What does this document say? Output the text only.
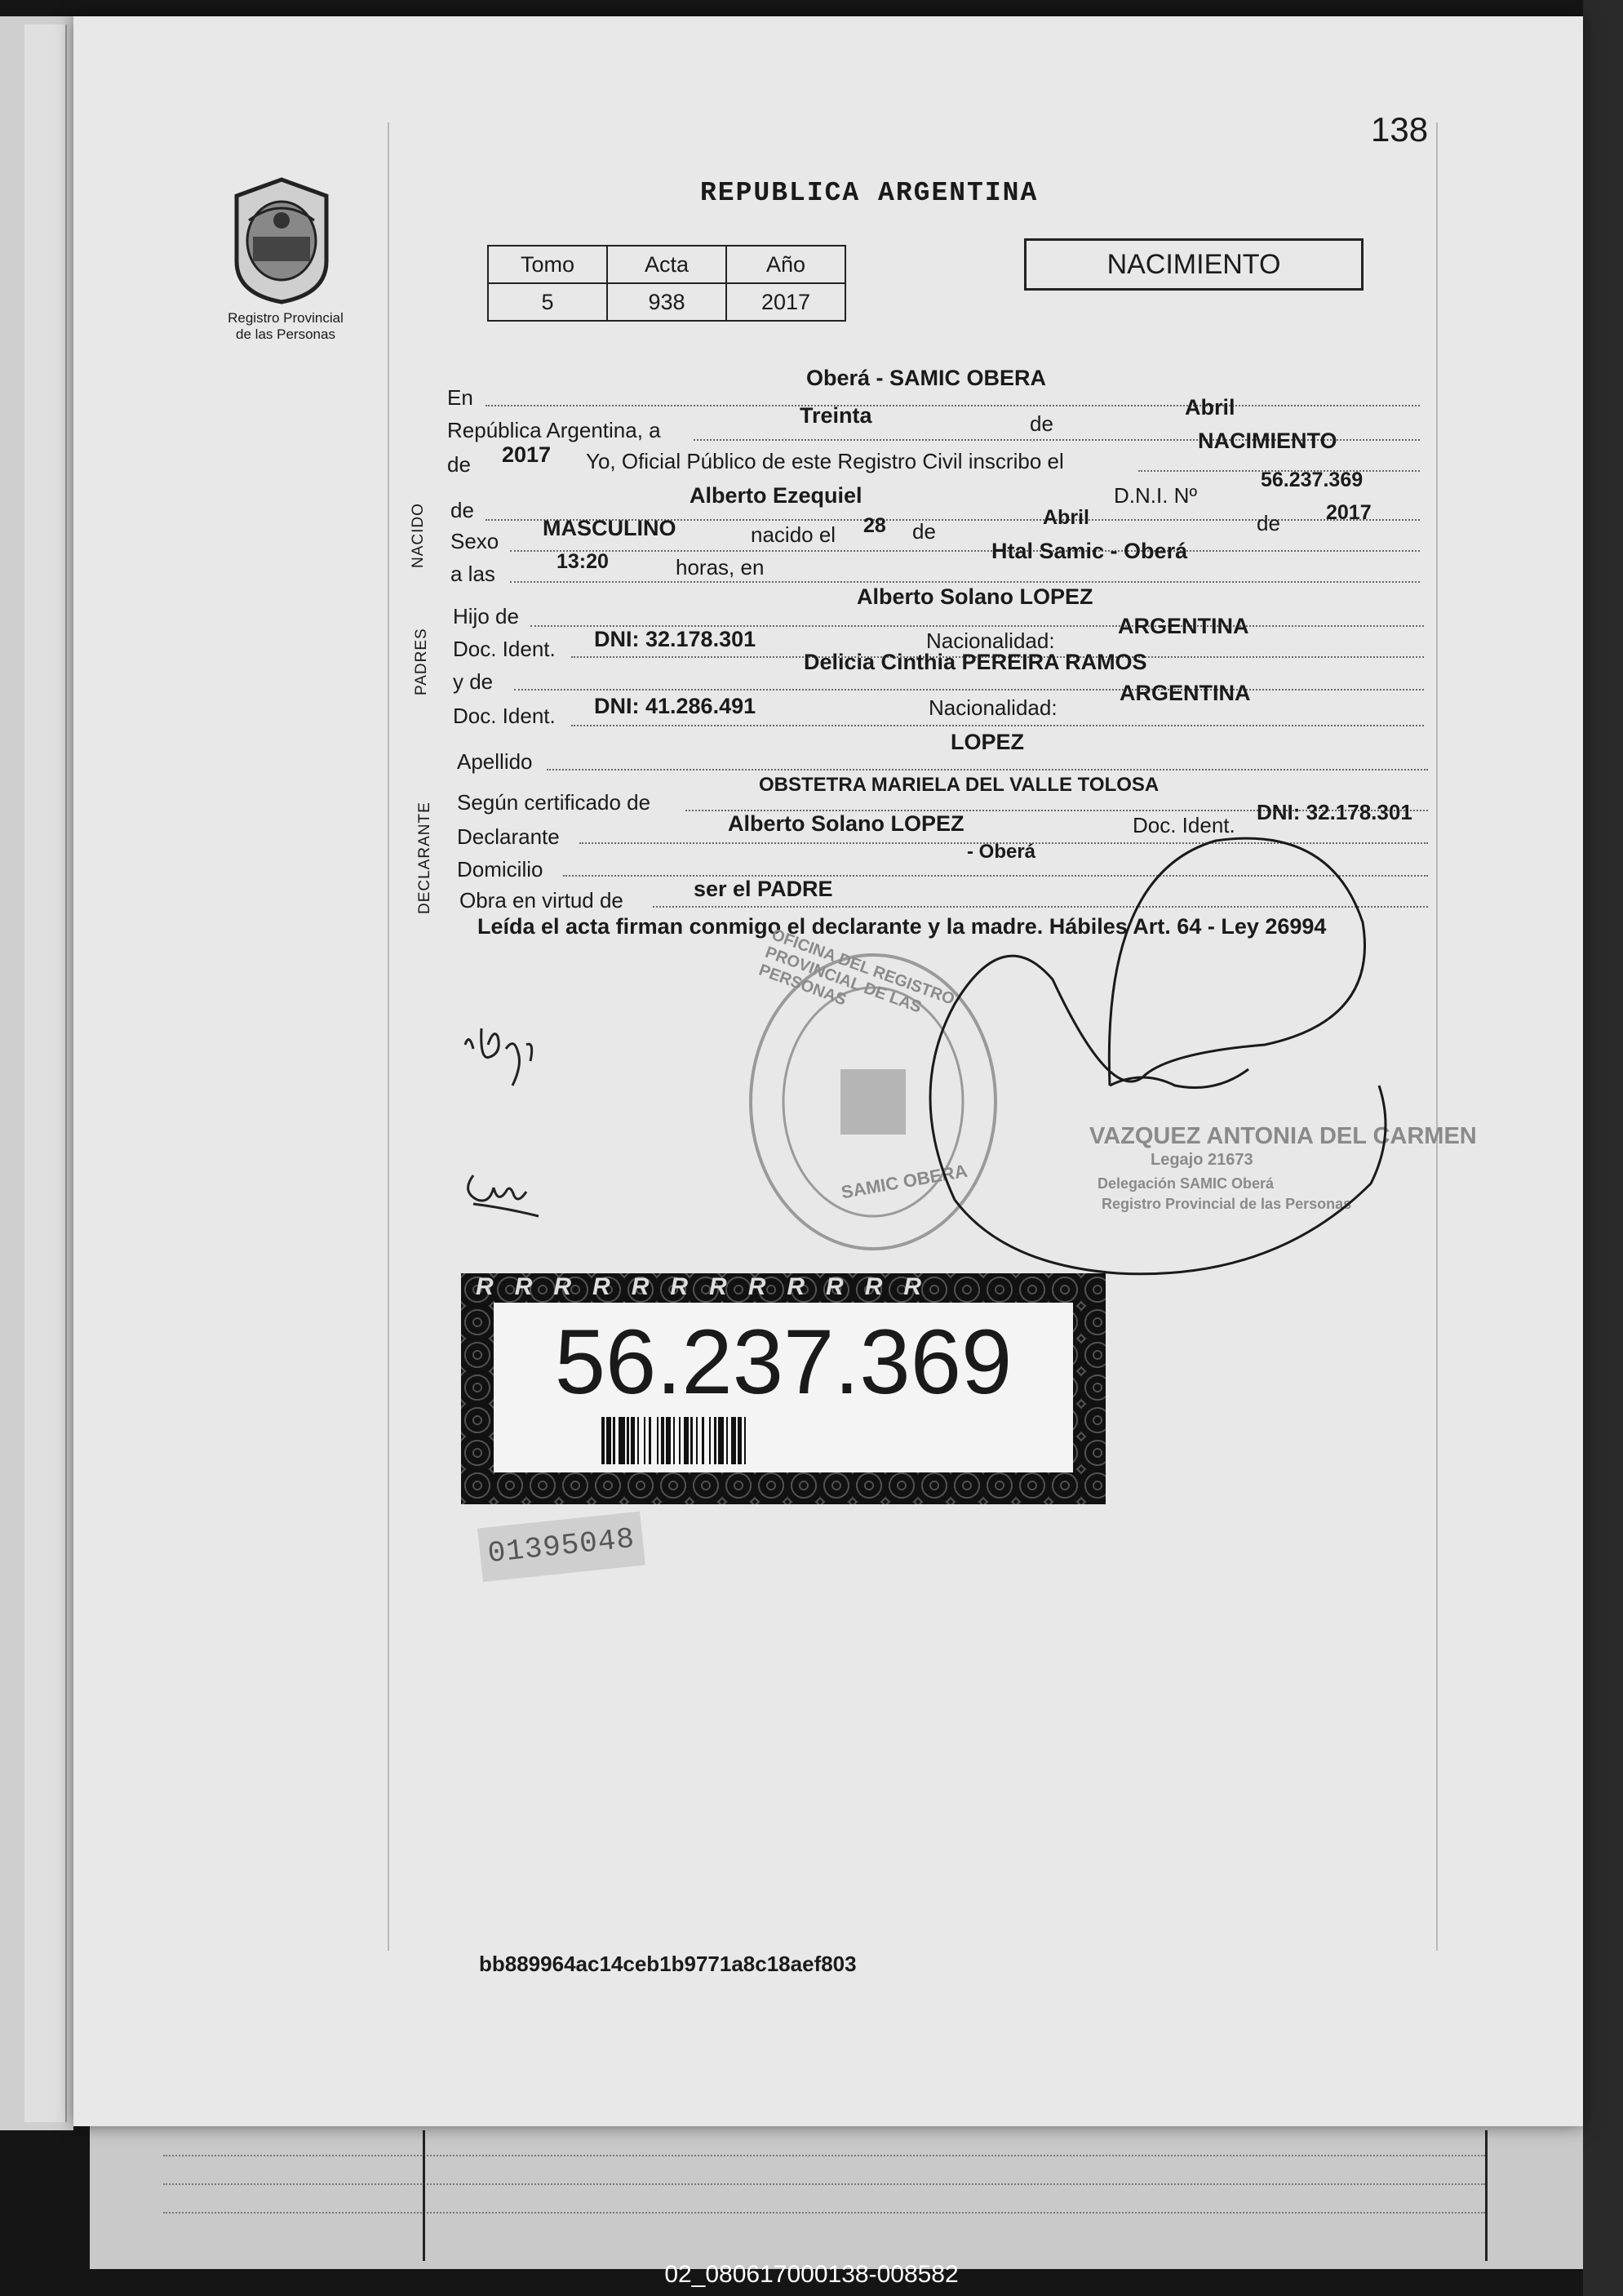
138
Registro Provincial
de las Personas
REPUBLICA ARGENTINA
Tomo	Acta	Año
5	938	2017
NACIMIENTO
En
Oberá - SAMIC OBERA
República Argentina, a
Treinta	de
Abril
de 2017 Yo, Oficial Público de este Registro Civil inscribo el
NACIMIENTO
NACIDO de
Alberto Ezequiel	D.N.I. Nº
56.237.369
Sexo
MASCULINO	nacido el 28 de
Abril	de 2017
a las	13:20	horas, en
Htal Samic - Oberá
PADRES
Hijo de
Alberto Solano LOPEZ
Doc. Ident. DNI: 32.178.301	Nacionalidad:
ARGENTINA
y de
Delicia Cinthia PEREIRA RAMOS
Doc. Ident. DNI: 41.286.491	Nacionalidad:
ARGENTINA
Apellido
LOPEZ
DECLARANTE Según certificado de
OBSTETRA MARIELA DEL VALLE TOLOSA
Declarante
Alberto Solano LOPEZ	Doc. Ident.
DNI: 32.178.301
Domicilio
- Oberá
Obra en virtud de	ser el PADRE
Leída el acta firman conmigo el declarante y la madre. Hábiles Art. 64 - Ley 26994
OFICINA DEL REGISTRO PROVINCIAL DE LAS PERSONAS
SAMIC OBERA
VAZQUEZ ANTONIA DEL CARMEN
Legajo 21673
Delegación SAMIC Oberá
Registro Provincial de las Personas
RRRRRRRRRRRR
56.237.369
01395048
bb889964ac14ceb1b9771a8c18aef803
02_080617000138-008582
